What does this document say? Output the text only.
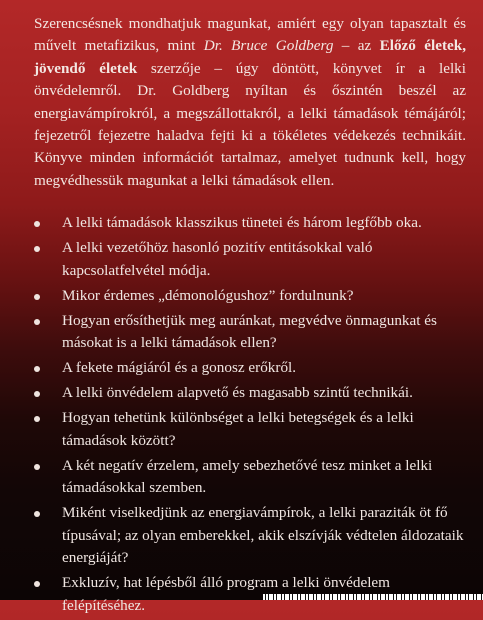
Szerencsésnek mondhatjuk magunkat, amiért egy olyan tapasztalt és művelt metafizikus, mint Dr. Bruce Goldberg – az Előző életek, jövendő életek szerzője – úgy döntött, könyvet ír a lelki önvédelemről. Dr. Goldberg nyíltan és őszintén beszél az energiavámpírokról, a megszállottakról, a lelki támadások témájáról; fejezetről fejezetre haladva fejti ki a tökéletes védekezés technikáit. Könyve minden információt tartalmaz, amelyet tudnunk kell, hogy megvédhessük magunkat a lelki támadások ellen.

A lelki támadások klasszikus tünetei és három legfőbb oka.
A lelki vezetőhöz hasonló pozitív entitásokkal való kapcsolatfelvétel módja.
Mikor érdemes „démonológushoz” fordulnunk?
Hogyan erősíthetjük meg auránkat, megvédve önmagunkat és másokat is a lelki támadások ellen?
A fekete mágiáról és a gonosz erőkről.
A lelki önvédelem alapvető és magasabb szintű technikái.
Hogyan tehetünk különbséget a lelki betegségek és a lelki támadások között?
A két negatív érzelem, amely sebezhetővé tesz minket a lelki támadásokkal szemben.
Miként viselkedjünk az energiavámpírok, a lelki paraziták öt fő típusával; az olyan emberekkel, akik elszívják védtelen áldozataik energiáját?
Exkluzív, hat lépésből álló program a lelki önvédelem felépítéséhez.
